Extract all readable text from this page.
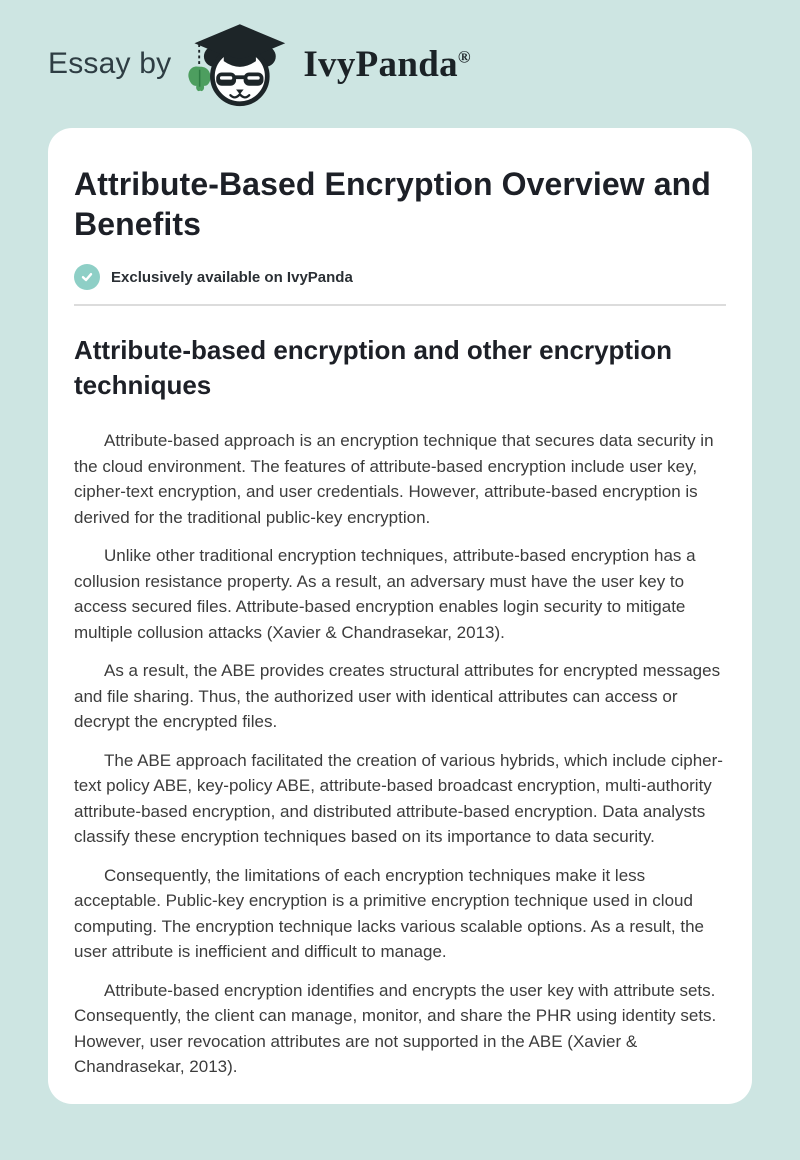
Essay by	IvyPanda®
Attribute-Based Encryption Overview and Benefits
Exclusively available on IvyPanda
Attribute-based encryption and other encryption techniques

Attribute-based approach is an encryption technique that secures data security in the cloud environment. The features of attribute-based encryption include user key, cipher-text encryption, and user credentials. However, attribute-based encryption is derived for the traditional public-key encryption.

Unlike other traditional encryption techniques, attribute-based encryption has a collusion resistance property. As a result, an adversary must have the user key to access secured files. Attribute-based encryption enables login security to mitigate multiple collusion attacks (Xavier & Chandrasekar, 2013).

As a result, the ABE provides creates structural attributes for encrypted messages and file sharing. Thus, the authorized user with identical attributes can access or decrypt the encrypted files.

The ABE approach facilitated the creation of various hybrids, which include cipher-text policy ABE, key-policy ABE, attribute-based broadcast encryption, multi-authority attribute-based encryption, and distributed attribute-based encryption. Data analysts classify these encryption techniques based on its importance to data security.

Consequently, the limitations of each encryption techniques make it less acceptable. Public-key encryption is a primitive encryption technique used in cloud computing. The encryption technique lacks various scalable options. As a result, the user attribute is inefficient and difficult to manage.

Attribute-based encryption identifies and encrypts the user key with attribute sets. Consequently, the client can manage, monitor, and share the PHR using identity sets. However, user revocation attributes are not supported in the ABE (Xavier & Chandrasekar, 2013).
